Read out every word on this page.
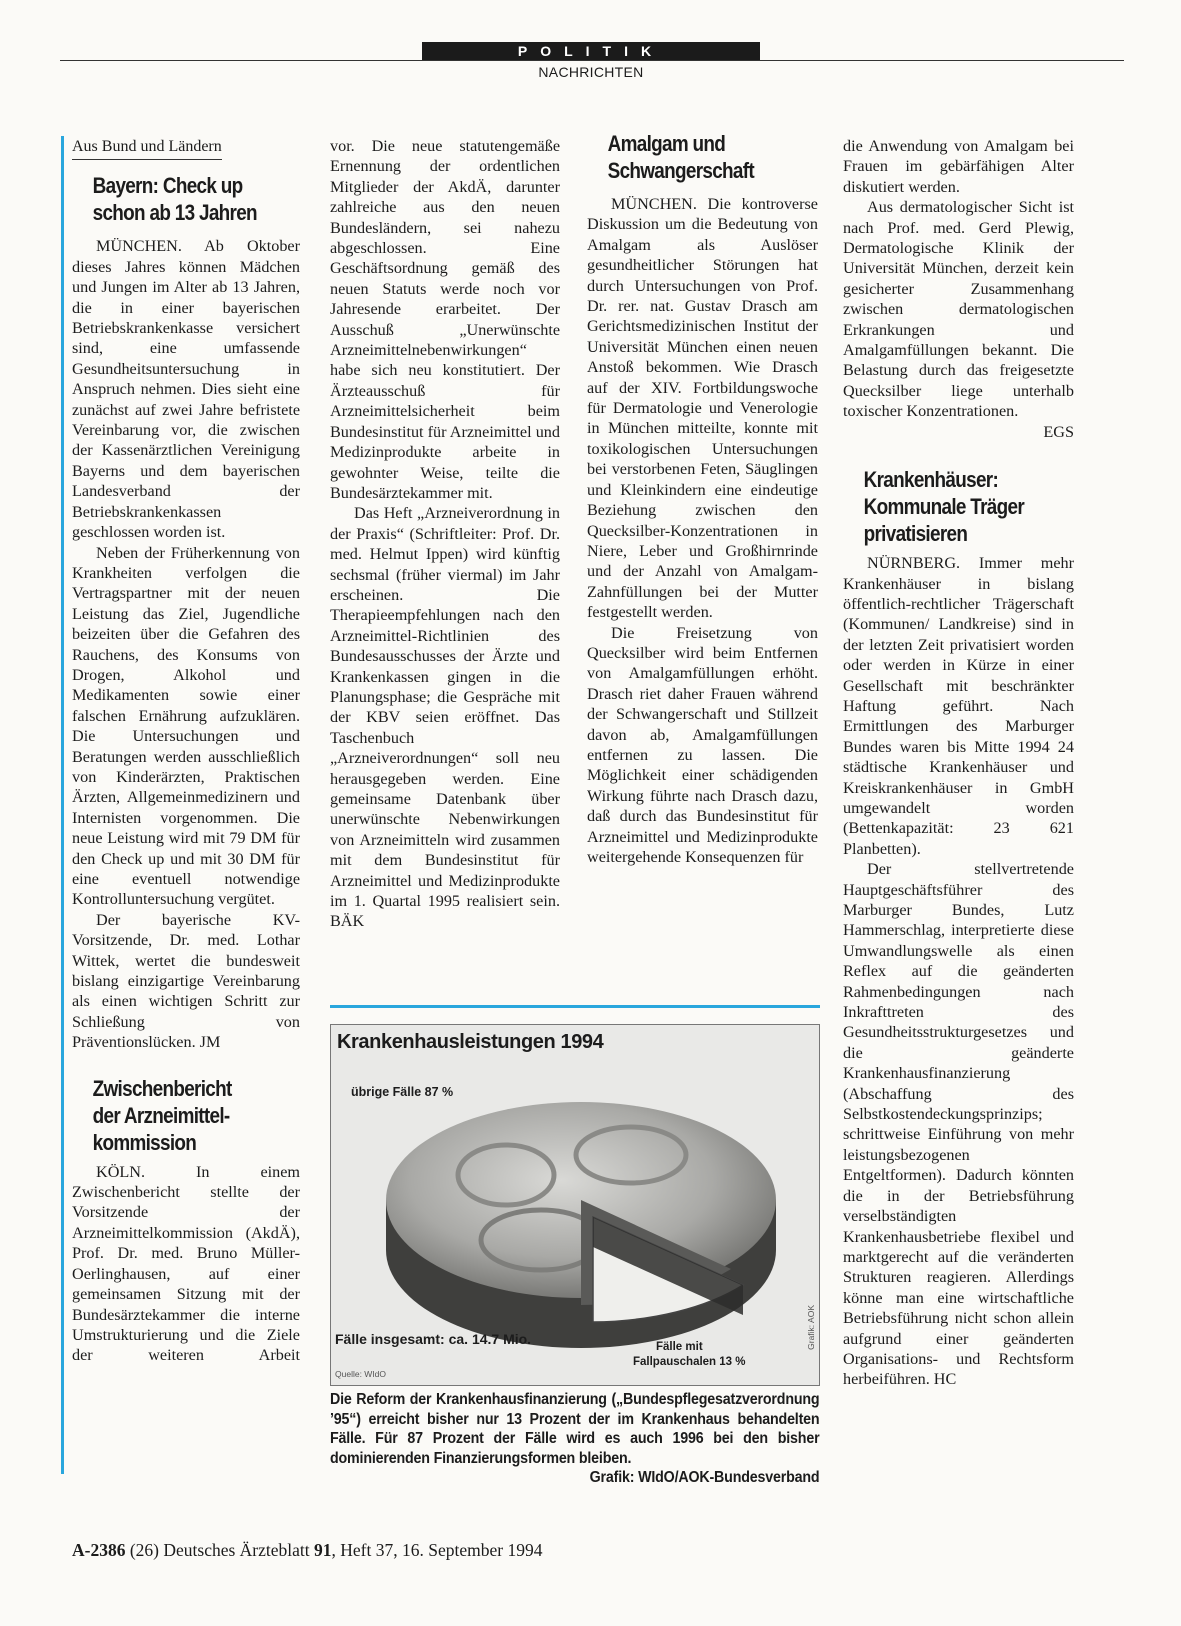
POLITIK
NACHRICHTEN
Aus Bund und Ländern

Bayern: Check up

schon ab 13 Jahren

MÜNCHEN. Ab Oktober dieses Jahres können Mädchen und Jungen im Alter ab 13 Jahren, die in einer bayerischen Betriebskrankenkasse versichert sind, eine umfassende Gesundheitsuntersuchung in Anspruch nehmen. Dies sieht eine zunächst auf zwei Jahre befristete Vereinbarung vor, die zwischen der Kassenärztlichen Vereinigung Bayerns und dem bayerischen Landesverband der Betriebskrankenkassen geschlossen worden ist.

Neben der Früherkennung von Krankheiten verfolgen die Vertragspartner mit der neuen Leistung das Ziel, Jugendliche beizeiten über die Gefahren des Rauchens, des Konsums von Drogen, Alkohol und Medikamenten sowie einer falschen Ernährung aufzuklären. Die Untersuchungen und Beratungen werden ausschließlich von Kinderärzten, Praktischen Ärzten, Allgemeinmedizinern und Internisten vorgenommen. Die neue Leistung wird mit 79 DM für den Check up und mit 30 DM für eine eventuell notwendige Kontrolluntersuchung vergütet.

Der bayerische KV-Vorsitzende, Dr. med. Lothar Wittek, wertet die bundesweit bislang einzigartige Vereinbarung als einen wichtigen Schritt zur Schließung von Präventionslücken. JM

Zwischenbericht

der Arzneimittel-

kommission

KÖLN. In einem Zwischenbericht stellte der Vorsitzende der Arzneimittelkommission (AkdÄ), Prof. Dr. med. Bruno Müller-Oerlinghausen, auf einer gemeinsamen Sitzung mit der Bundesärztekammer die interne Umstrukturierung und die Ziele der weiteren Arbeit

vor. Die neue statutengemäße Ernennung der ordentlichen Mitglieder der AkdÄ, darunter zahlreiche aus den neuen Bundesländern, sei nahezu abgeschlossen. Eine Geschäftsordnung gemäß des neuen Statuts werde noch vor Jahresende erarbeitet. Der Ausschuß „Unerwünschte Arzneimittelnebenwirkungen“ habe sich neu konstitutiert. Der Ärzteausschuß für Arzneimittelsicherheit beim Bundesinstitut für Arzneimittel und Medizinprodukte arbeite in gewohnter Weise, teilte die Bundesärztekammer mit.

Das Heft „Arzneiverordnung in der Praxis“ (Schriftleiter: Prof. Dr. med. Helmut Ippen) wird künftig sechsmal (früher viermal) im Jahr erscheinen. Die Therapieempfehlungen nach den Arzneimittel-Richtlinien des Bundesausschusses der Ärzte und Krankenkassen gingen in die Planungsphase; die Gespräche mit der KBV seien eröffnet. Das Taschenbuch „Arzneiverordnungen“ soll neu herausgegeben werden. Eine gemeinsame Datenbank über unerwünschte Nebenwirkungen von Arzneimitteln wird zusammen mit dem Bundesinstitut für Arzneimittel und Medizinprodukte im 1. Quartal 1995 realisiert sein. BÄK

Amalgam und

Schwangerschaft

MÜNCHEN. Die kontroverse Diskussion um die Bedeutung von Amalgam als Auslöser gesundheitlicher Störungen hat durch Untersuchungen von Prof. Dr. rer. nat. Gustav Drasch am Gerichtsmedizinischen Institut der Universität München einen neuen Anstoß bekommen. Wie Drasch auf der XIV. Fortbildungswoche für Dermatologie und Venerologie in München mitteilte, konnte mit toxikologischen Untersuchungen bei verstorbenen Feten, Säuglingen und Kleinkindern eine eindeutige Beziehung zwischen den Quecksilber-Konzentrationen in Niere, Leber und Großhirnrinde und der Anzahl von Amalgam-Zahnfüllungen bei der Mutter festgestellt werden.

Die Freisetzung von Quecksilber wird beim Entfernen von Amalgamfüllungen erhöht. Drasch riet daher Frauen während der Schwangerschaft und Stillzeit davon ab, Amalgamfüllungen entfernen zu lassen. Die Möglichkeit einer schädigenden Wirkung führte nach Drasch dazu, daß durch das Bundesinstitut für Arzneimittel und Medizinprodukte weitergehende Konsequenzen für

die Anwendung von Amalgam bei Frauen im gebärfähigen Alter diskutiert werden.

Aus dermatologischer Sicht ist nach Prof. med. Gerd Plewig, Dermatologische Klinik der Universität München, derzeit kein gesicherter Zusammenhang zwischen dermatologischen Erkrankungen und Amalgamfüllungen bekannt. Die Belastung durch das freigesetzte Quecksilber liege unterhalb toxischer Konzentrationen.

EGS

Krankenhäuser:

Kommunale Träger

privatisieren

NÜRNBERG. Immer mehr Krankenhäuser in bislang öffentlich-rechtlicher Trägerschaft (Kommunen/ Landkreise) sind in der letzten Zeit privatisiert worden oder werden in Kürze in einer Gesellschaft mit beschränkter Haftung geführt. Nach Ermittlungen des Marburger Bundes waren bis Mitte 1994 24 städtische Krankenhäuser und Kreiskrankenhäuser in GmbH umgewandelt worden (Bettenkapazität: 23 621 Planbetten).

Der stellvertretende Hauptgeschäftsführer des Marburger Bundes, Lutz Hammerschlag, interpretierte diese Umwandlungswelle als einen Reflex auf die geänderten Rahmenbedingungen nach Inkrafttreten des Gesundheitsstrukturgesetzes und die geänderte Krankenhausfinanzierung (Abschaffung des Selbstkostendeckungsprinzips; schrittweise Einführung von mehr leistungsbezogenen Entgeltformen). Dadurch könnten die in der Betriebsführung verselbständigten Krankenhausbetriebe flexibel und marktgerecht auf die veränderten Strukturen reagieren. Allerdings könne man eine wirtschaftliche Betriebsführung nicht schon allein aufgrund einer geänderten Organisations- und Rechtsform herbeiführen. HC

Krankenhausleistungen 1994
übrige Fälle 87 %
Fälle insgesamt: ca. 14.7 Mio.	Fälle mit
Fallpauschalen 13 %
Quelle: WIdO
Grafik: AOK
Die Reform der Krankenhausfinanzierung („Bundespflegesatzverordnung ’95“) erreicht bisher nur 13 Prozent der im Krankenhaus behandelten Fälle. Für 87 Prozent der Fälle wird es auch 1996 bei den bisher dominierenden Finanzierungsformen bleiben.
Grafik: WIdO/AOK-Bundesverband
A-2386 (26) Deutsches Ärzteblatt 91, Heft 37, 16. September 1994
